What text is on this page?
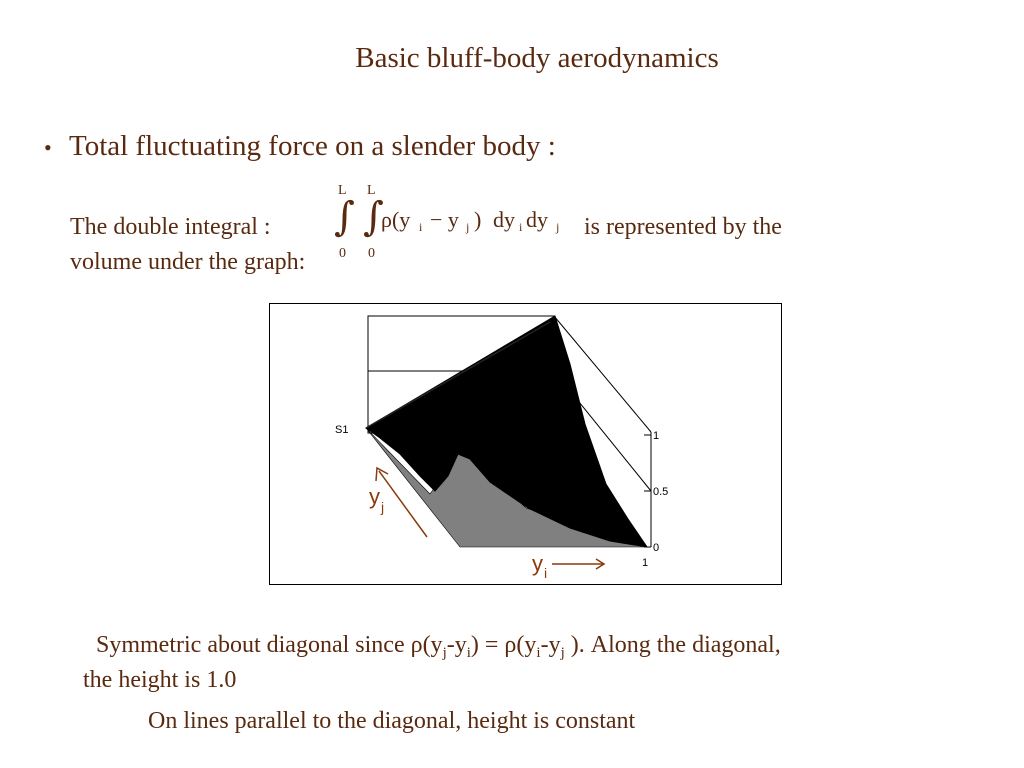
Basic bluff-body aerodynamics
• Total fluctuating force on a slender body :
The double integral :	is represented by the
volume under the graph:
L L
∫ ∫
0 0
ρ(y i − y j ) dy i dy j
1
0.5
0
1
S1
y j
y i
Symmetric about diagonal since $\rho(y_j-y_i) = \rho(y_i-y_j$ ). Along the diagonal,
the height is 1.0
On lines parallel to the diagonal, height is constant
